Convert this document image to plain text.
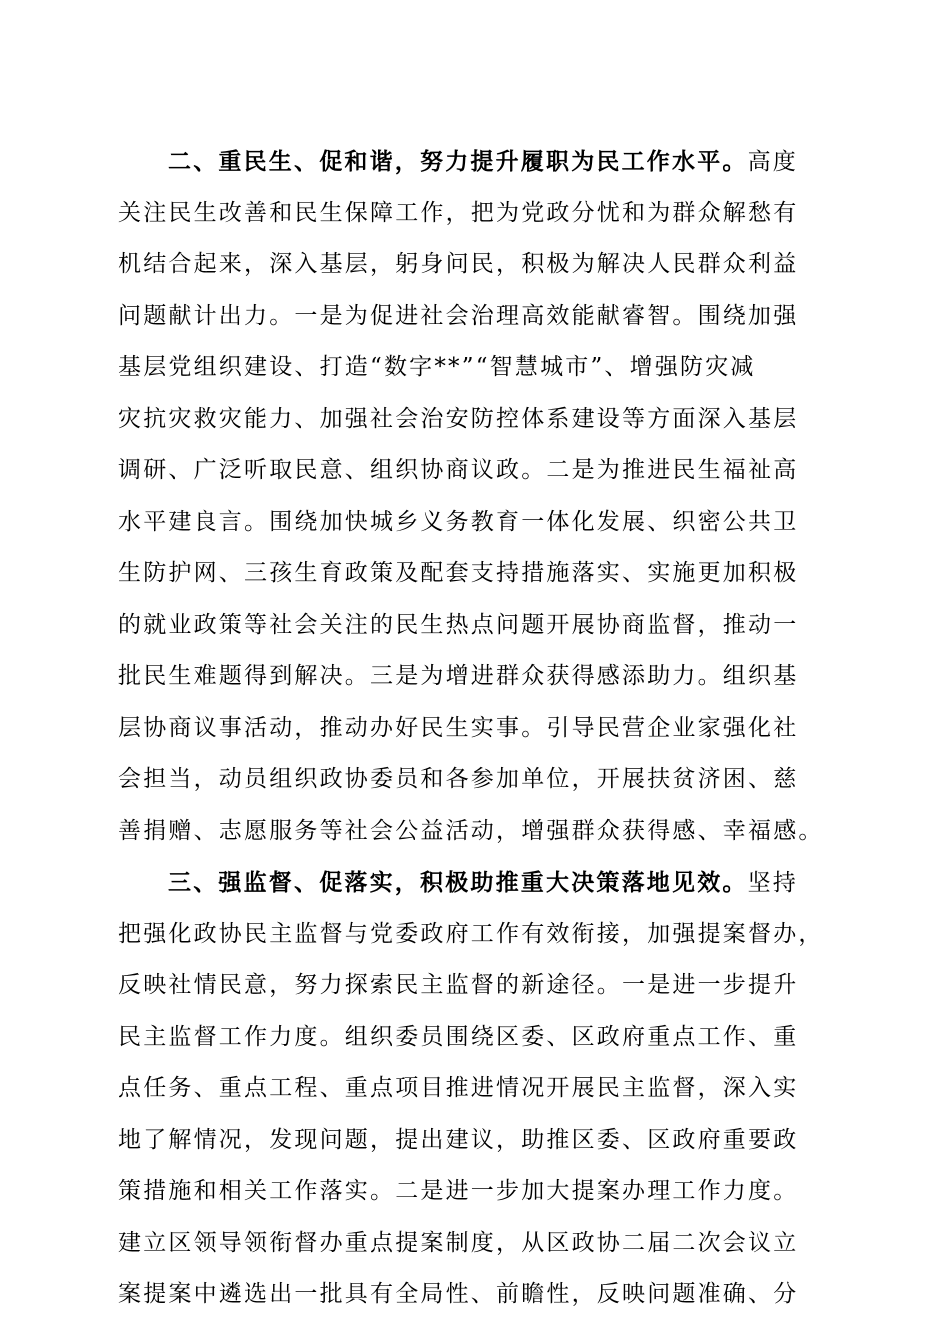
二、重民生、促和谐，努力提升履职为民工作水平。高度
关注民生改善和民生保障工作，把为党政分忧和为群众解愁有
机结合起来，深入基层，躬身问民，积极为解决人民群众利益
问题献计出力。一是为促进社会治理高效能献睿智。围绕加强
基层党组织建设、打造“数字**”“智慧城市”、增强防灾减
灾抗灾救灾能力、加强社会治安防控体系建设等方面深入基层
调研、广泛听取民意、组织协商议政。二是为推进民生福祉高
水平建良言。围绕加快城乡义务教育一体化发展、织密公共卫
生防护网、三孩生育政策及配套支持措施落实、实施更加积极
的就业政策等社会关注的民生热点问题开展协商监督，推动一
批民生难题得到解决。三是为增进群众获得感添助力。组织基
层协商议事活动，推动办好民生实事。引导民营企业家强化社
会担当，动员组织政协委员和各参加单位，开展扶贫济困、慈
善捐赠、志愿服务等社会公益活动，增强群众获得感、幸福感。
三、强监督、促落实，积极助推重大决策落地见效。坚持
把强化政协民主监督与党委政府工作有效衔接，加强提案督办，
反映社情民意，努力探索民主监督的新途径。一是进一步提升
民主监督工作力度。组织委员围绕区委、区政府重点工作、重
点任务、重点工程、重点项目推进情况开展民主监督，深入实
地了解情况，发现问题，提出建议，助推区委、区政府重要政
策措施和相关工作落实。二是进一步加大提案办理工作力度。
建立区领导领衔督办重点提案制度，从区政协二届二次会议立
案提案中遴选出一批具有全局性、前瞻性，反映问题准确、分
